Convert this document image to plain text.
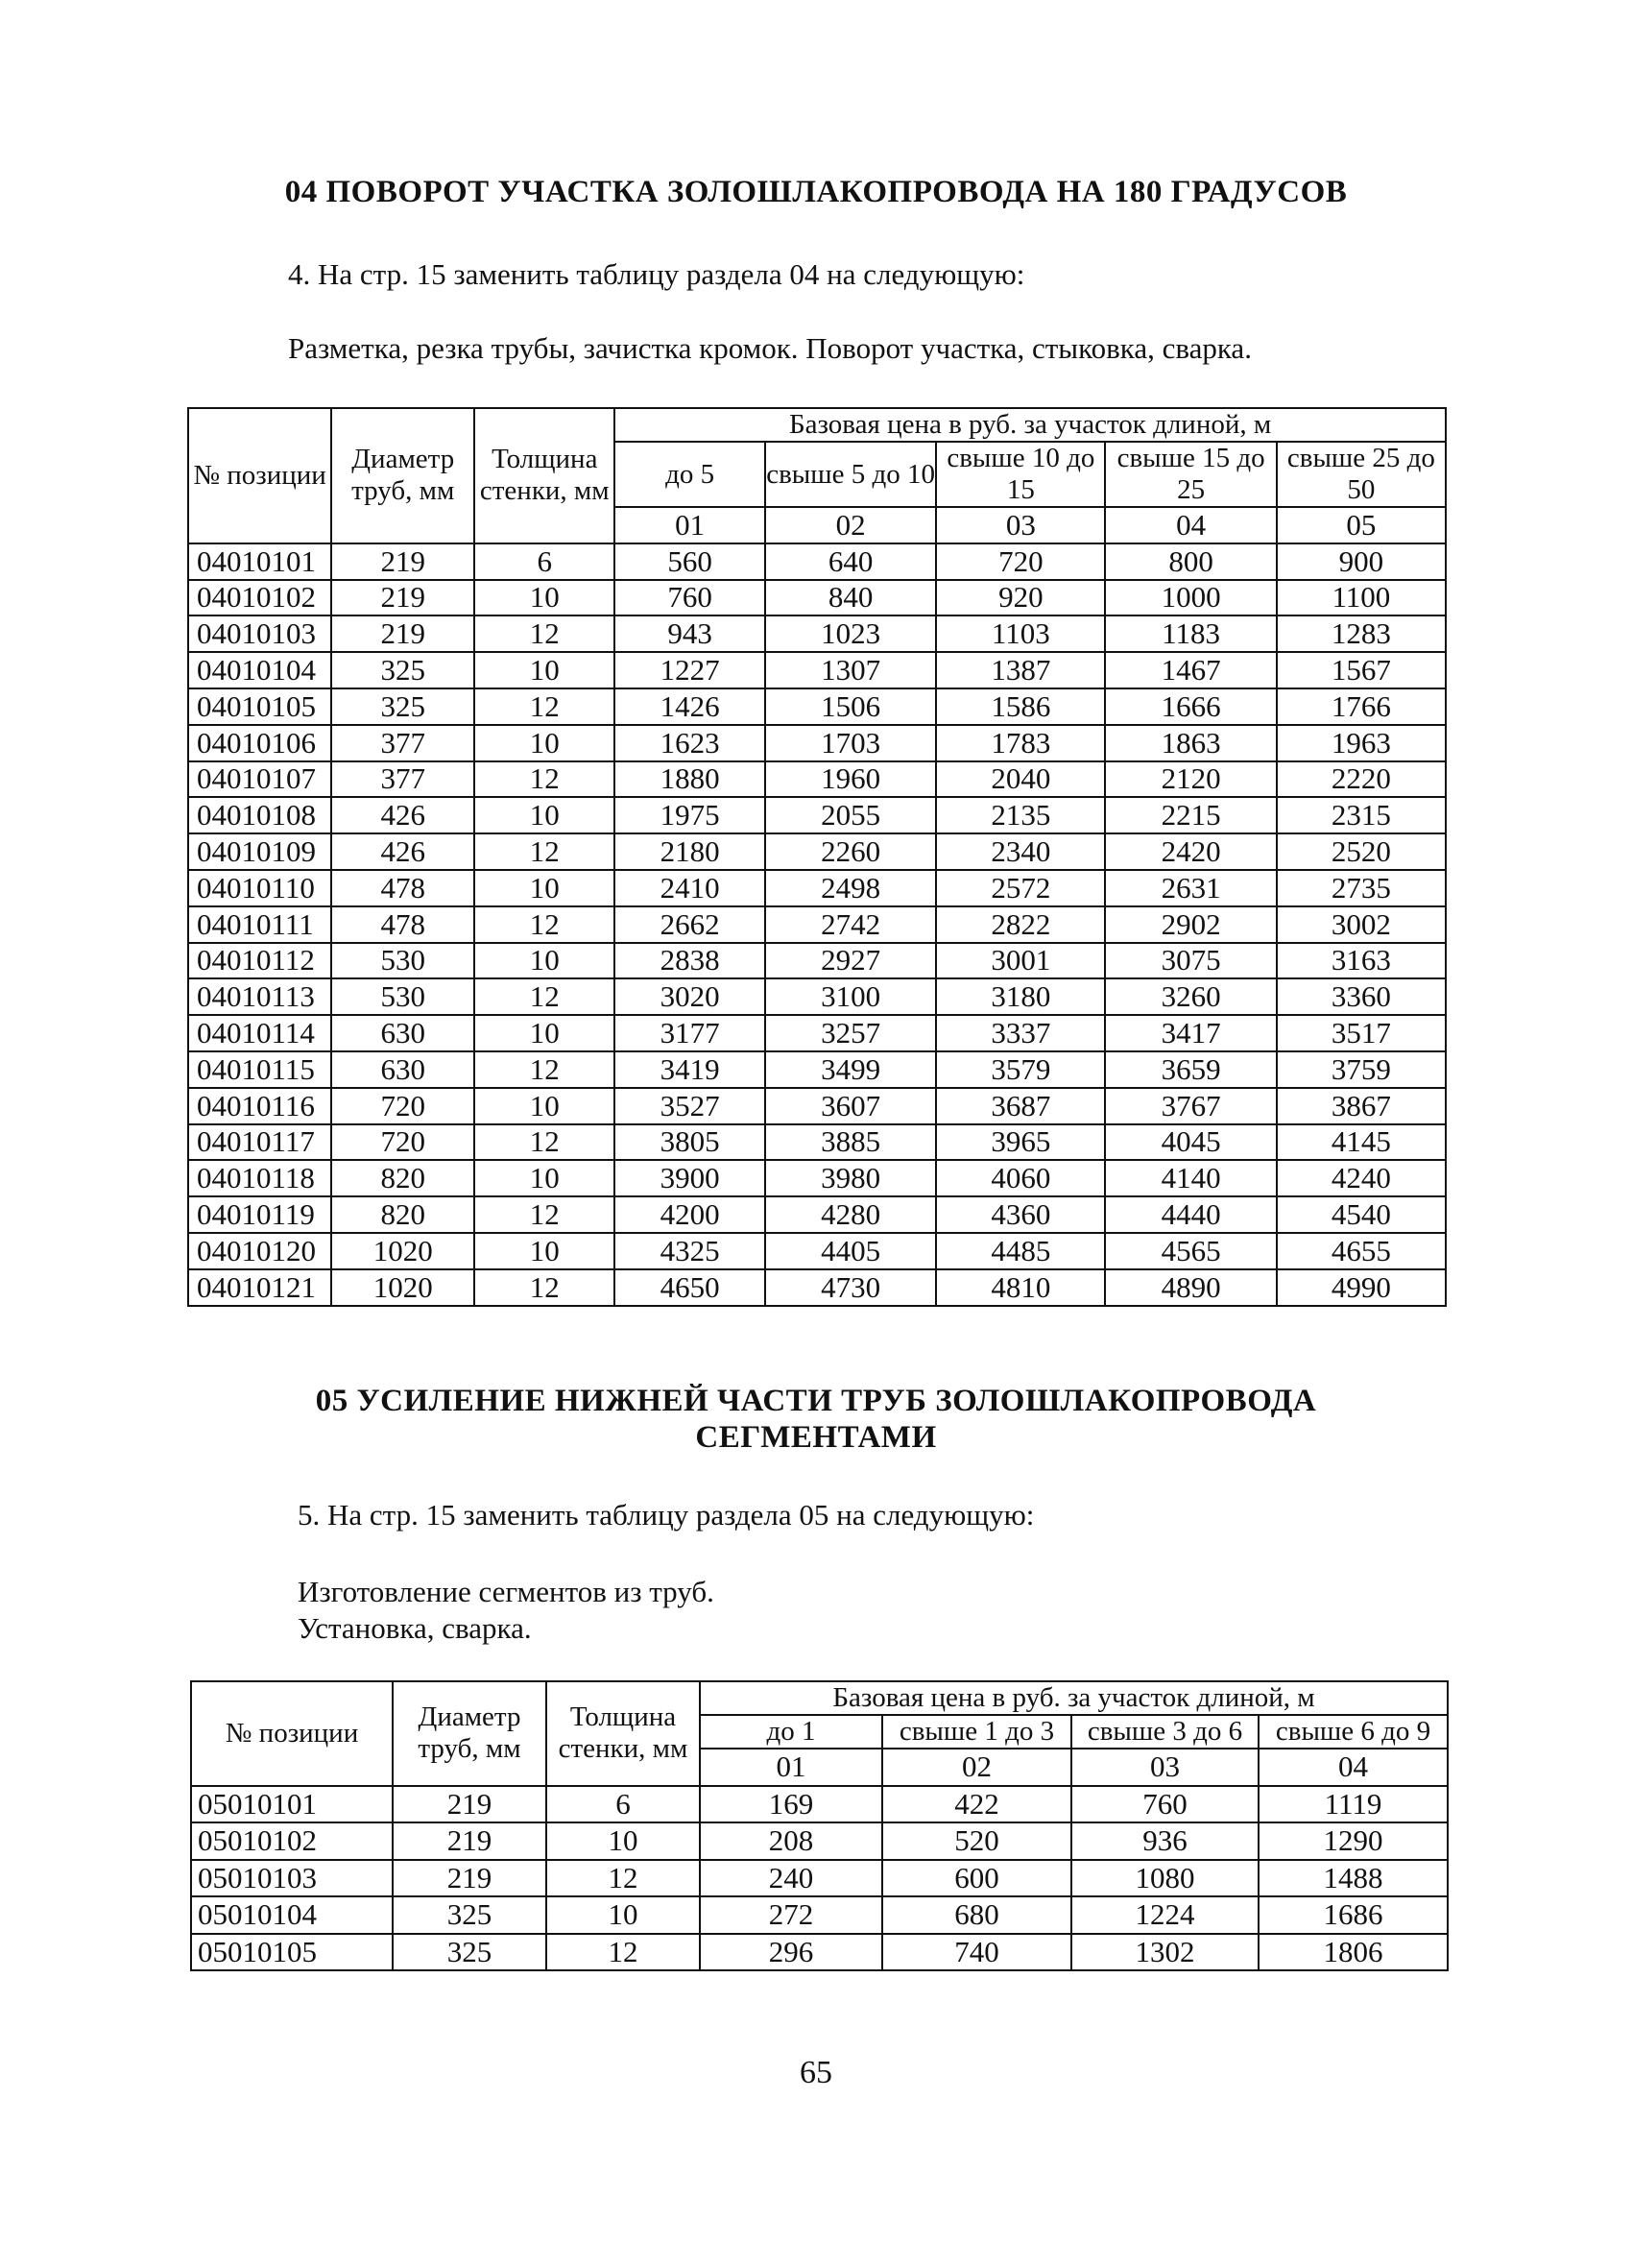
04 ПОВОРОТ УЧАСТКА ЗОЛОШЛАКОПРОВОДА НА 180 ГРАДУСОВ
4. На стр. 15 заменить таблицу раздела 04 на следующую:
Разметка, резка трубы, зачистка кромок. Поворот участка, стыковка, сварка.
№ позиции	Диаметр труб, мм	Толщина стенки, мм	Базовая цена в руб. за участок длиной, м				
			до 5	свыше 5 до 10	свыше 10 до 15	свыше 15 до 25	свыше 25 до 50
			01	02	03	04	05
04010101	219	6	560	640	720	800	900
04010102	219	10	760	840	920	1000	1100
04010103	219	12	943	1023	1103	1183	1283
04010104	325	10	1227	1307	1387	1467	1567
04010105	325	12	1426	1506	1586	1666	1766
04010106	377	10	1623	1703	1783	1863	1963
04010107	377	12	1880	1960	2040	2120	2220
04010108	426	10	1975	2055	2135	2215	2315
04010109	426	12	2180	2260	2340	2420	2520
04010110	478	10	2410	2498	2572	2631	2735
04010111	478	12	2662	2742	2822	2902	3002
04010112	530	10	2838	2927	3001	3075	3163
04010113	530	12	3020	3100	3180	3260	3360
04010114	630	10	3177	3257	3337	3417	3517
04010115	630	12	3419	3499	3579	3659	3759
04010116	720	10	3527	3607	3687	3767	3867
04010117	720	12	3805	3885	3965	4045	4145
04010118	820	10	3900	3980	4060	4140	4240
04010119	820	12	4200	4280	4360	4440	4540
04010120	1020	10	4325	4405	4485	4565	4655
04010121	1020	12	4650	4730	4810	4890	4990
05 УСИЛЕНИЕ НИЖНЕЙ ЧАСТИ ТРУБ ЗОЛОШЛАКОПРОВОДА
СЕГМЕНТАМИ
5. На стр. 15 заменить таблицу раздела 05 на следующую:
Изготовление сегментов из труб.
Установка, сварка.
№ позиции	Диаметр труб, мм	Толщина стенки, мм	Базовая цена в руб. за участок длиной, м			
			до 1	свыше 1 до 3	свыше 3 до 6	свыше 6 до 9
			01	02	03	04
05010101	219	6	169	422	760	1119
05010102	219	10	208	520	936	1290
05010103	219	12	240	600	1080	1488
05010104	325	10	272	680	1224	1686
05010105	325	12	296	740	1302	1806
65
